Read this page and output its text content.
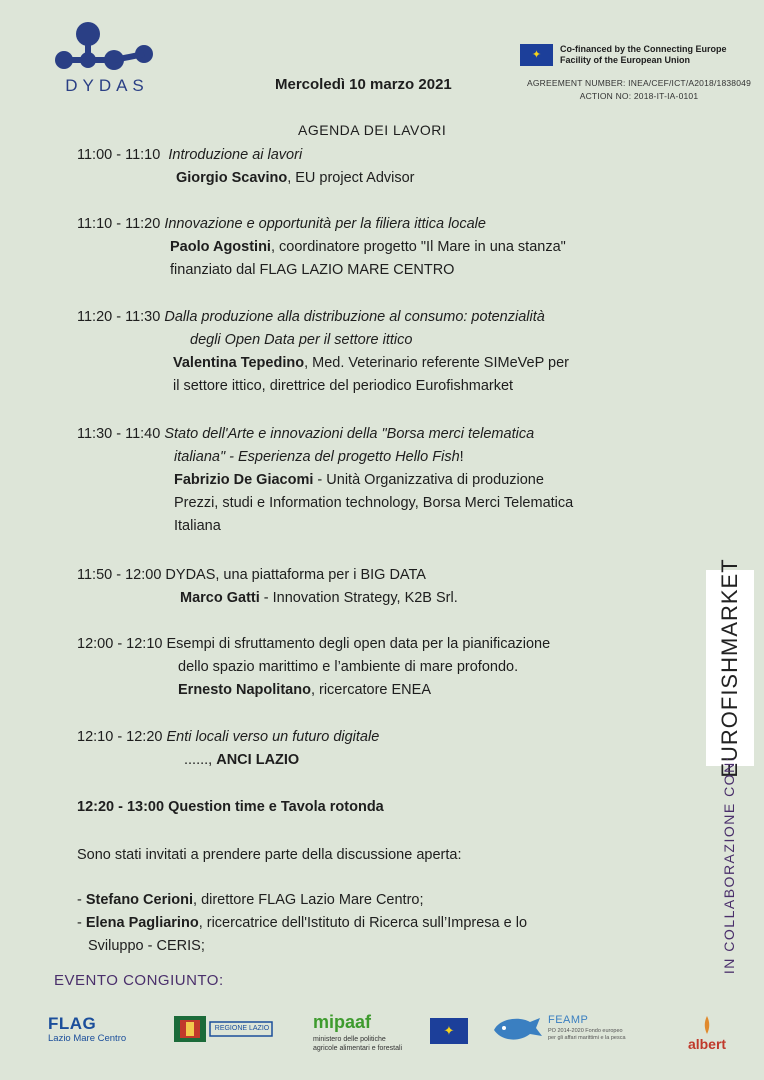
DYDAS	Mercoledì 10 marzo 2021
✦
Co-financed by the Connecting Europe Facility of the European Union
AGREEMENT NUMBER: INEA/CEF/ICT/A2018/1838049
ACTION NO: 2018-IT-IA-0101
AGENDA DEI LAVORI
11:00 - 11:10 Introduzione ai lavori
Giorgio Scavino, EU project Advisor
11:10 - 11:20 Innovazione e opportunità per la filiera ittica locale
Paolo Agostini, coordinatore progetto "Il Mare in una stanza"
finanziato dal FLAG LAZIO MARE CENTRO
11:20 - 11:30 Dalla produzione alla distribuzione al consumo: potenzialità
degli Open Data per il settore ittico
Valentina Tepedino, Med. Veterinario referente SIMeVeP per
il settore ittico, direttrice del periodico Eurofishmarket
11:30 - 11:40 Stato dell'Arte e innovazioni della "Borsa merci telematica
italiana" - Esperienza del progetto Hello Fish!
Fabrizio De Giacomi - Unità Organizzativa di produzione
Prezzi, studi e Information technology, Borsa Merci Telematica
Italiana
11:50 - 12:00 DYDAS, una piattaforma per i BIG DATA
Marco Gatti - Innovation Strategy, K2B Srl.
12:00 - 12:10 Esempi di sfruttamento degli open data per la pianificazione
dello spazio marittimo e l’ambiente di mare profondo.
Ernesto Napolitano, ricercatore ENEA
12:10 - 12:20 Enti locali verso un futuro digitale
......, ANCI LAZIO
12:20 - 13:00 Question time e Tavola rotonda
Sono stati invitati a prendere parte della discussione aperta:
- Stefano Cerioni, direttore FLAG Lazio Mare Centro;
- Elena Pagliarino, ricercatrice dell'Istituto di Ricerca sull’Impresa e lo
Sviluppo - CERIS;
EUROFISHMARKET
IN COLLABORAZIONE CON:
EVENTO CONGIUNTO:
FLAG
Lazio Mare Centro
REGIONE LAZIO mipaaf
ministero delle politiche agricole alimentari e forestali
✦
FEAMP
PO 2014-2020 Fondo europeo per gli affari marittimi e la pesca	albert
